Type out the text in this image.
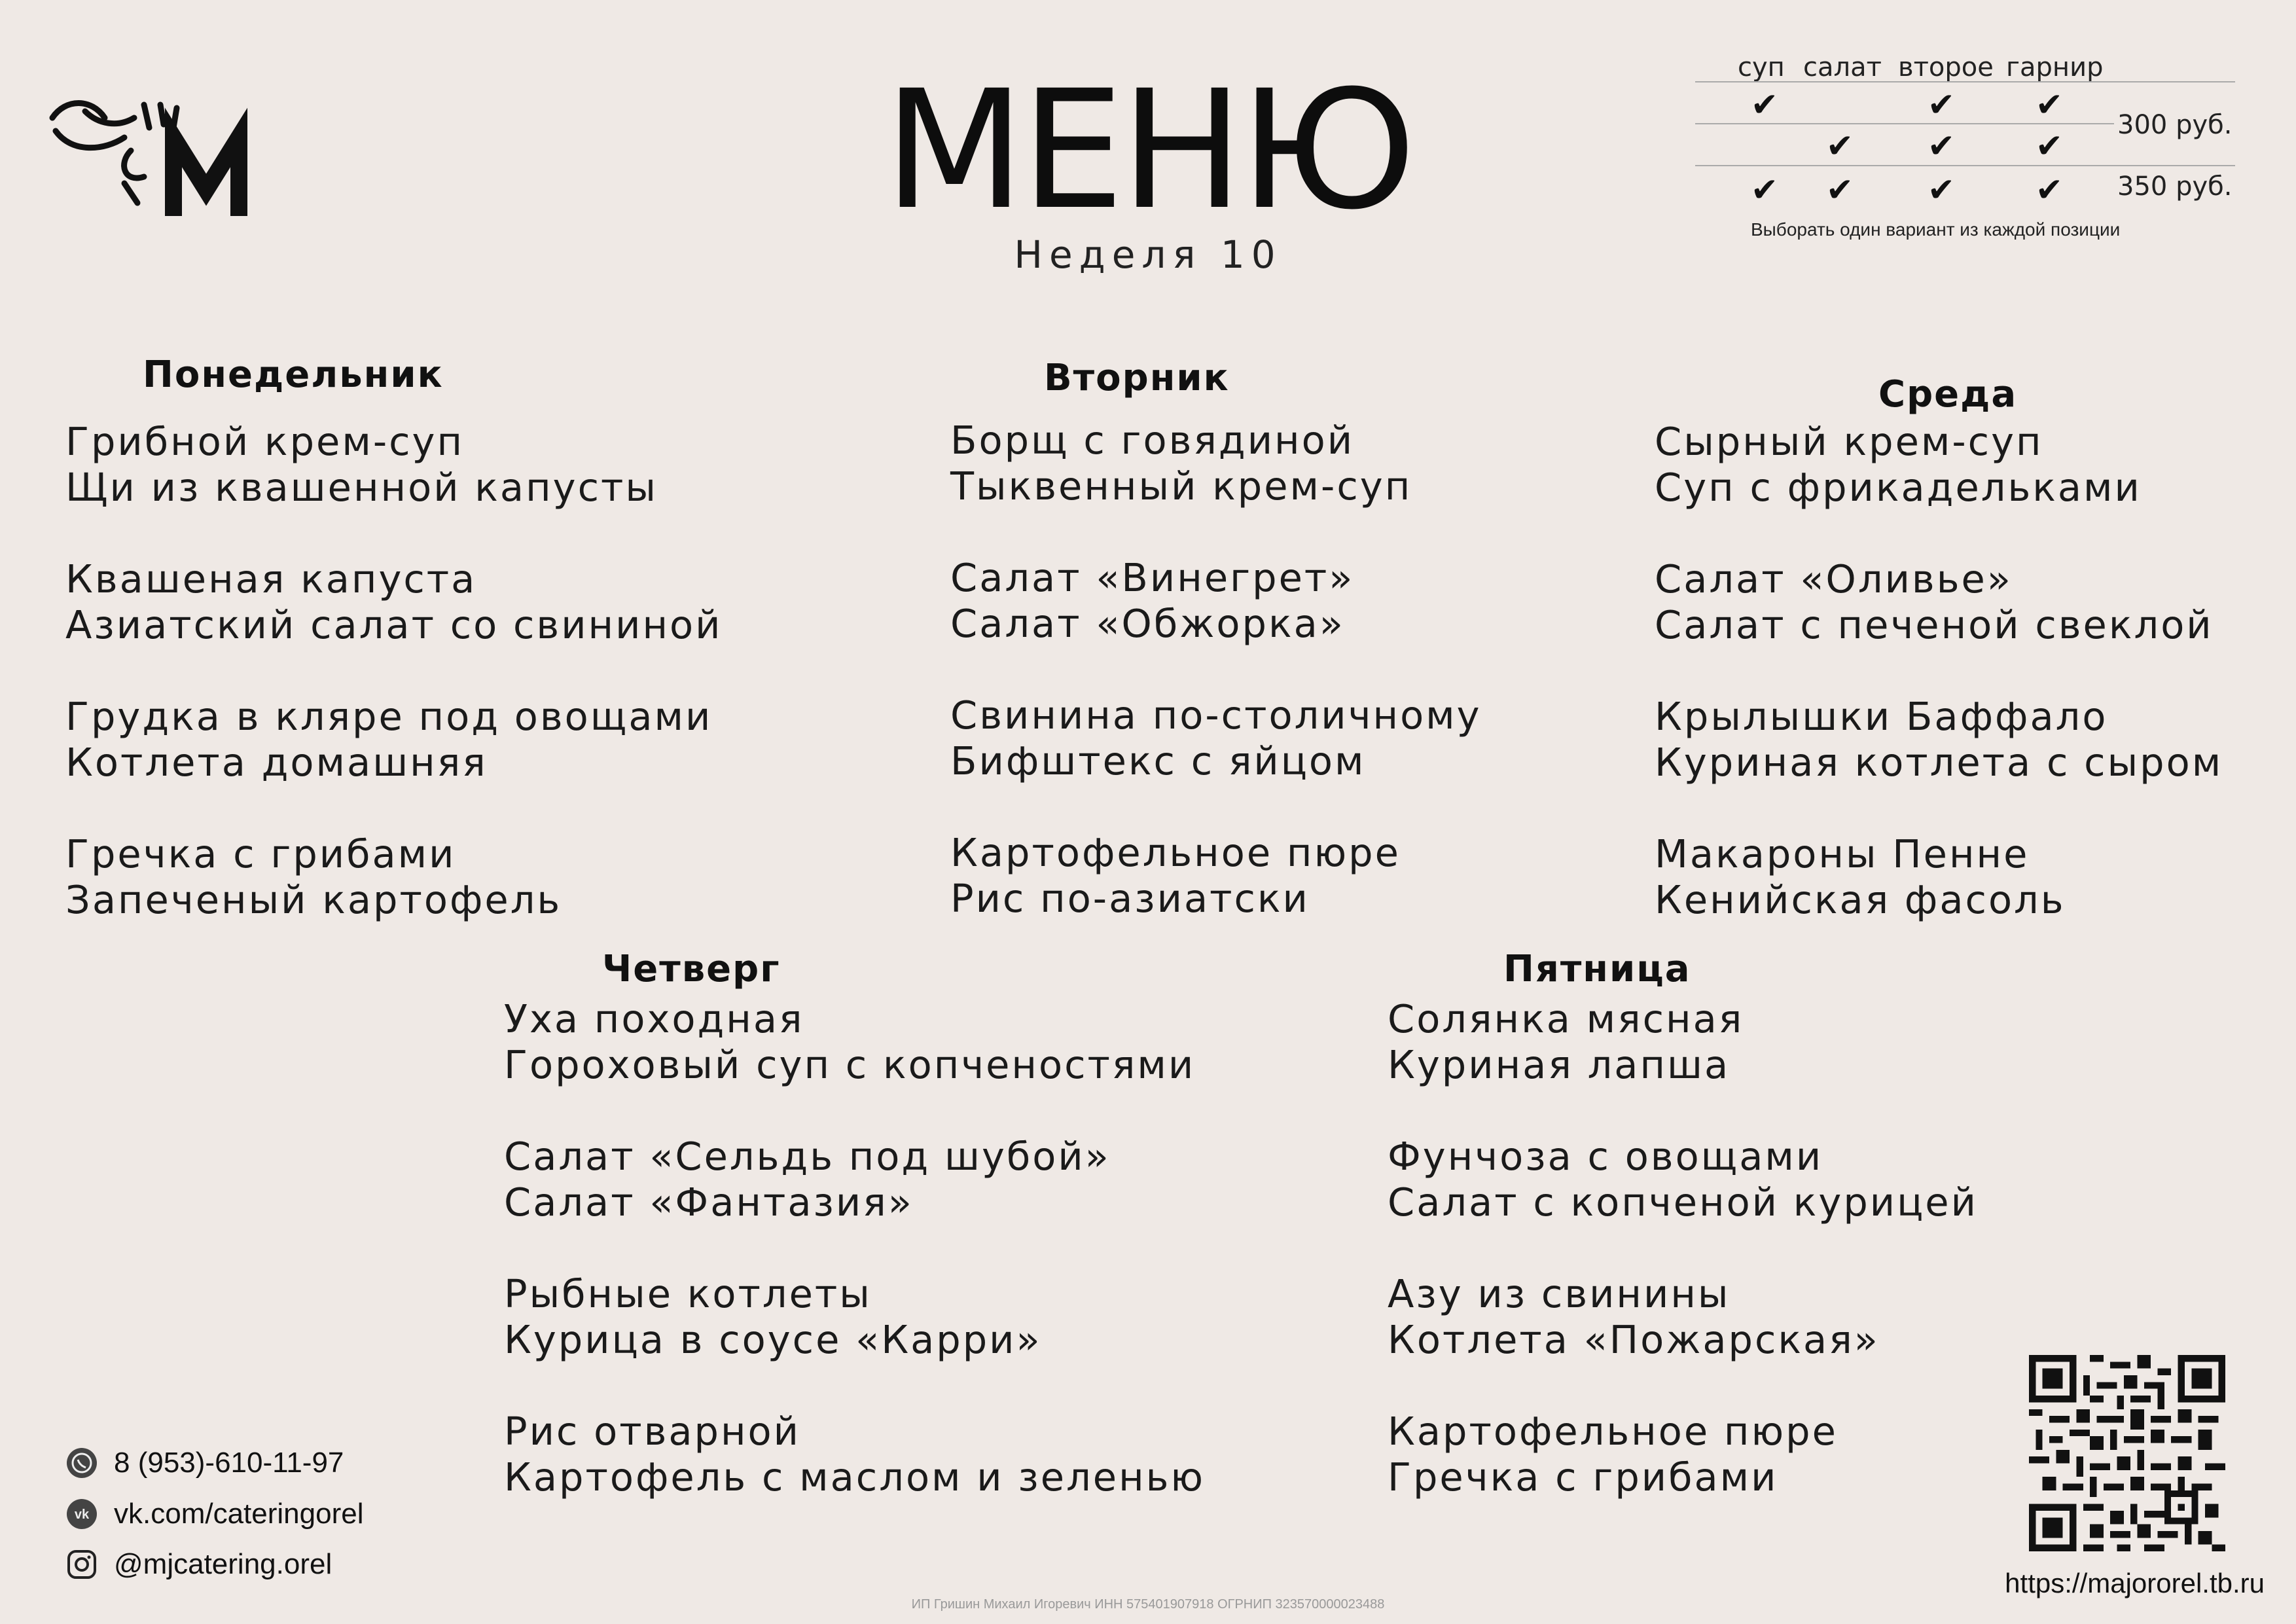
МЕНЮ
Неделя 10
суп салат второе гарнир
✔	✔ ✔
300 руб.
✔ ✔ ✔
✔ ✔ ✔ ✔ 350 руб.
Выборать один вариант из каждой позиции
Понедельник
Грибной крем-суп
Щи из квашенной капусты
Квашеная капуста
Азиатский салат со свининой
Грудка в кляре под овощами
Котлета домашняя
Гречка с грибами
Запеченый картофель
Вторник
Борщ с говядиной
Тыквенный крем-суп
Салат «Винегрет»
Салат «Обжорка»
Свинина по-столичному
Бифштекс с яйцом
Картофельное пюре
Рис по-азиатски
Среда
Сырный крем-суп
Суп с фрикадельками
Салат «Оливье»
Салат с печеной свеклой
Крылышки Баффало
Куриная котлета с сыром
Макароны Пенне
Кенийская фасоль
Четверг
Уха походная
Гороховый суп с копченостями
Салат «Сельдь под шубой»
Салат «Фантазия»
Рыбные котлеты
Курица в соусе «Карри»
Рис отварной
Картофель с маслом и зеленью
Пятница
Солянка мясная
Куриная лапша
Фунчоза с овощами
Салат с копченой курицей
Азу из свинины
Котлета «Пожарская»
Картофельное пюре
Гречка с грибами
8 (953)-610-11-97
vk vk.com/cateringorel
@mjcatering.orel
https://majororel.tb.ru
ИП Гришин Михаил Игоревич ИНН 575401907918 ОГРНИП 323570000023488
